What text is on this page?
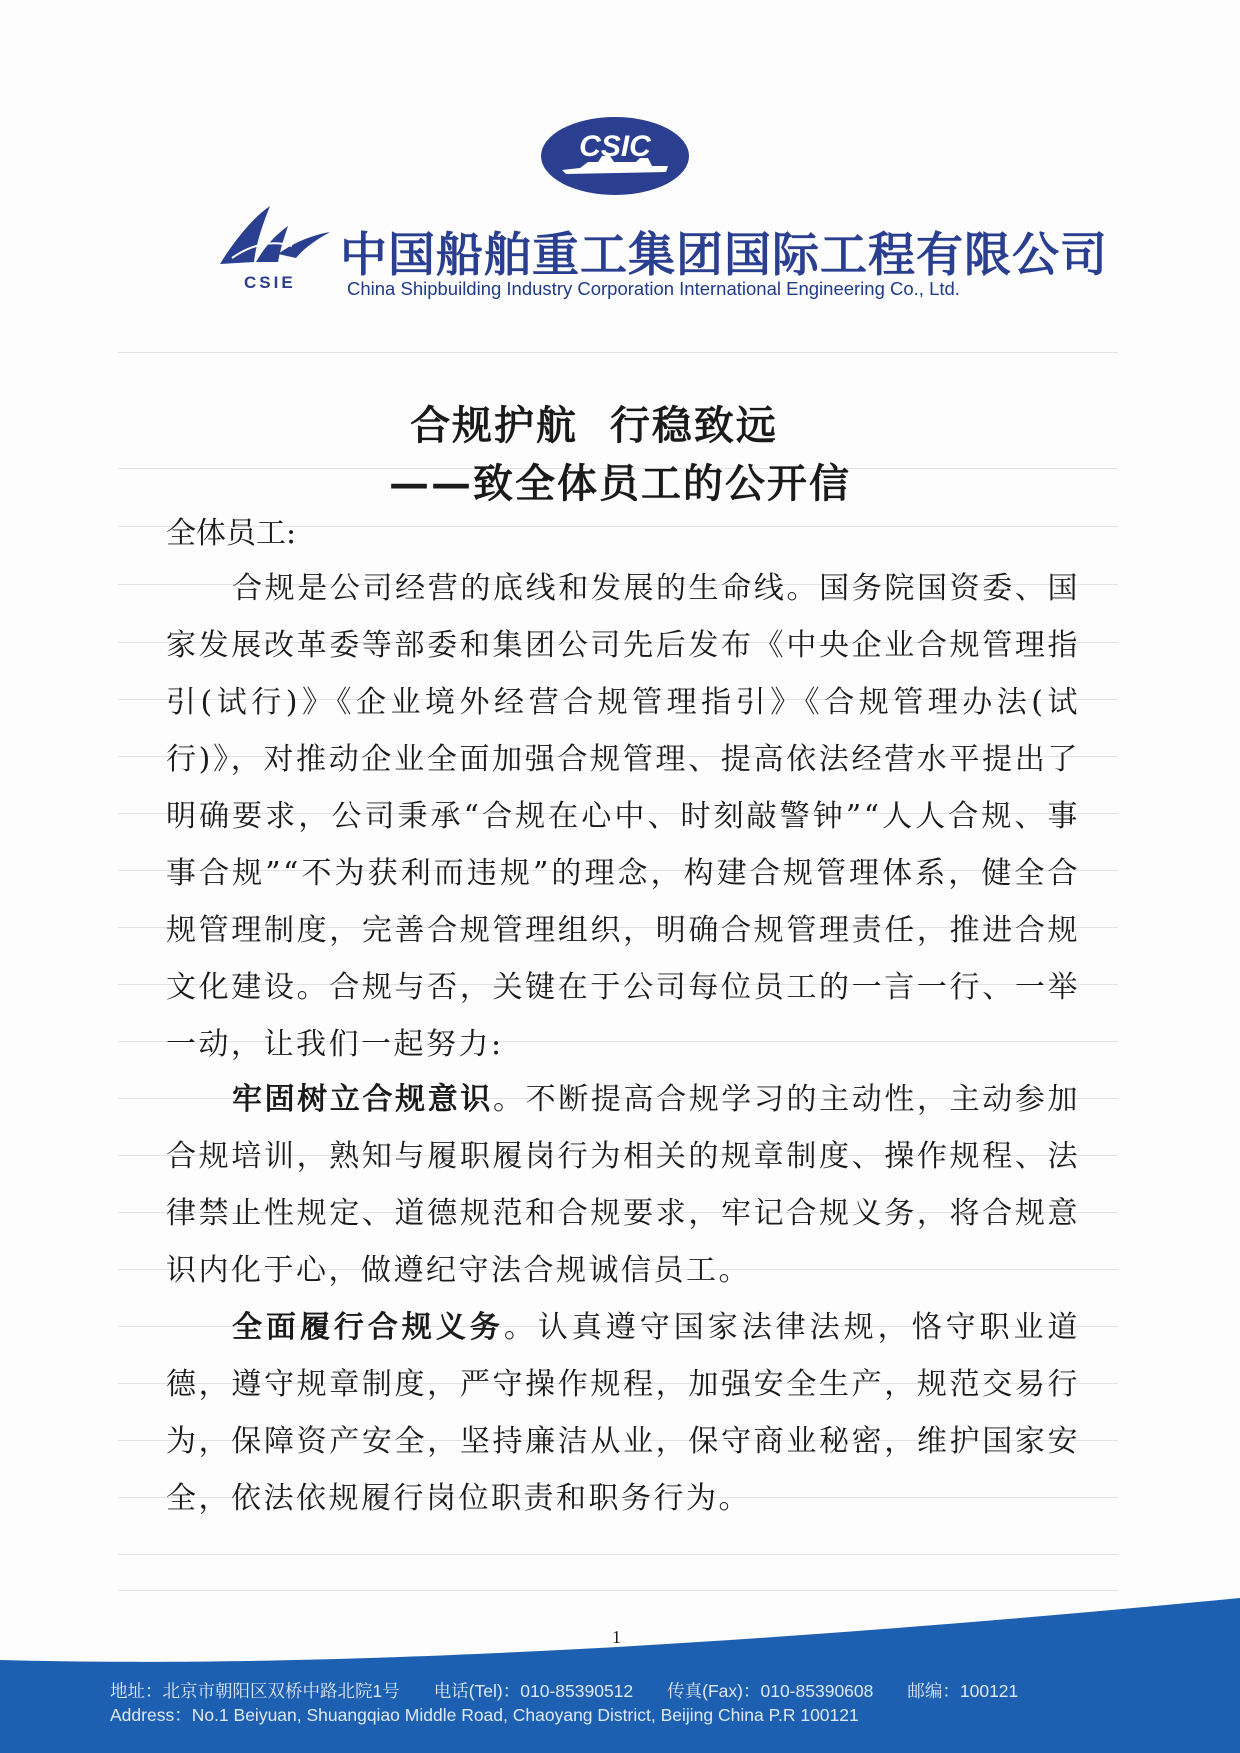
CSIC
CSIE 中国船舶重工集团国际工程有限公司
China Shipbuilding Industry Corporation International Engineering Co., Ltd.
合规护航  行稳致远
——致全体员工的公开信
全体员工:

合规是公司经营的底线和发展的生命线。国务院国资委、国家发展改革委等部委和集团公司先后发布《中央企业合规管理指引(试行)》《企业境外经营合规管理指引》《合规管理办法(试行)》，对推动企业全面加强合规管理、提高依法经营水平提出了明确要求，公司秉承“合规在心中、时刻敲警钟”“人人合规、事事合规”“不为获利而违规”的理念，构建合规管理体系，健全合规管理制度，完善合规管理组织，明确合规管理责任，推进合规文化建设。合规与否，关键在于公司每位员工的一言一行、一举一动，让我们一起努力:

牢固树立合规意识。不断提高合规学习的主动性，主动参加合规培训，熟知与履职履岗行为相关的规章制度、操作规程、法律禁止性规定、道德规范和合规要求，牢记合规义务，将合规意识内化于心，做遵纪守法合规诚信员工。

全面履行合规义务。认真遵守国家法律法规，恪守职业道德，遵守规章制度，严守操作规程，加强安全生产，规范交易行为，保障资产安全，坚持廉洁从业，保守商业秘密，维护国家安全，依法依规履行岗位职责和职务行为。

1
地址：北京市朝阳区双桥中路北院1号 电话(Tel)：010-85390512 传真(Fax)：010-85390608 邮编：100121
Address：No.1 Beiyuan, Shuangqiao Middle Road, Chaoyang District, Beijing China P.R 100121
